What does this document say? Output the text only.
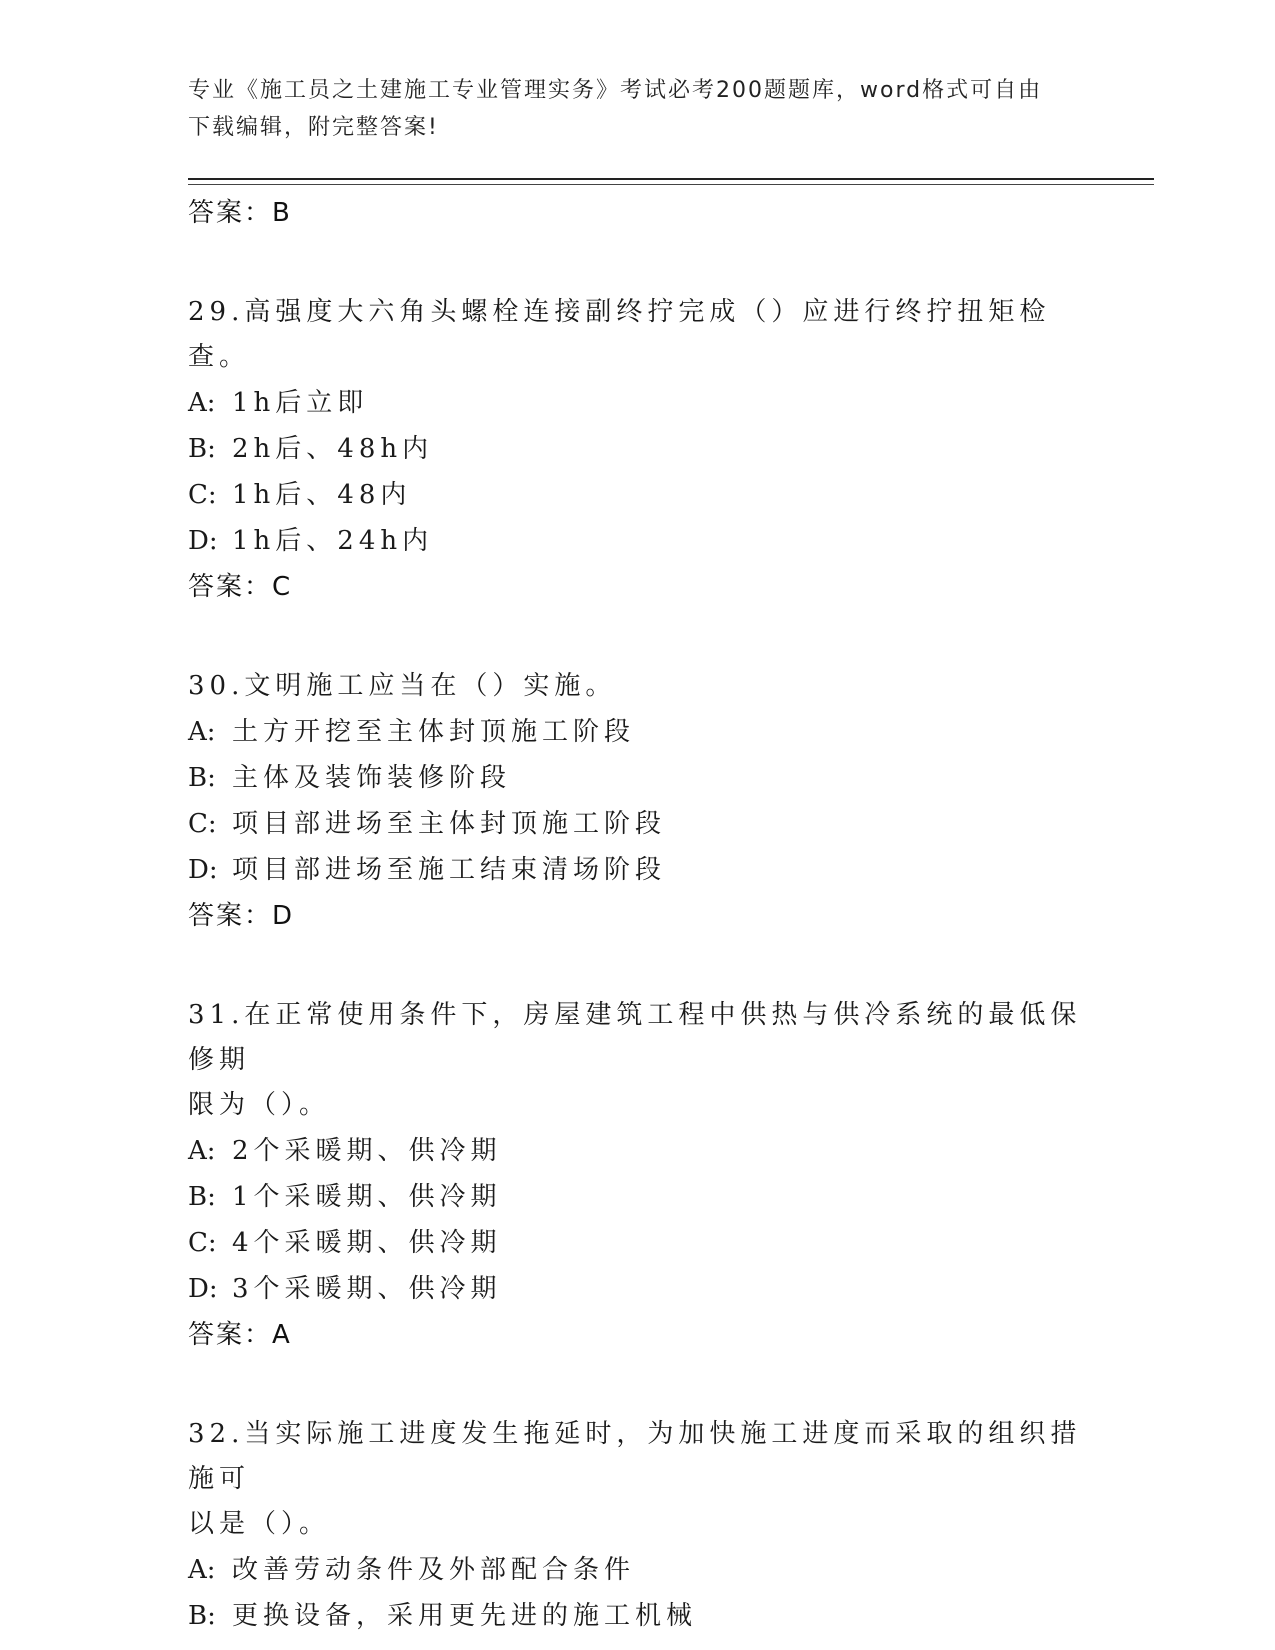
专业《施工员之土建施工专业管理实务》考试必考200题题库，word格式可自由
下载编辑，附完整答案!
答案：B
29.高强度大六角头螺栓连接副终拧完成（）应进行终拧扭矩检查。
A: 1h后立即
B: 2h后、48h内
C: 1h后、48内
D: 1h后、24h内
答案：C
30.文明施工应当在（）实施。
A: 土方开挖至主体封顶施工阶段
B: 主体及装饰装修阶段
C: 项目部进场至主体封顶施工阶段
D: 项目部进场至施工结束清场阶段
答案：D
31.在正常使用条件下，房屋建筑工程中供热与供冷系统的最低保修期
限为（）。
A: 2个采暖期、供冷期
B: 1个采暖期、供冷期
C: 4个采暖期、供冷期
D: 3个采暖期、供冷期
答案：A
32.当实际施工进度发生拖延时，为加快施工进度而采取的组织措施可
以是（）。
A: 改善劳动条件及外部配合条件
B: 更换设备，采用更先进的施工机械
